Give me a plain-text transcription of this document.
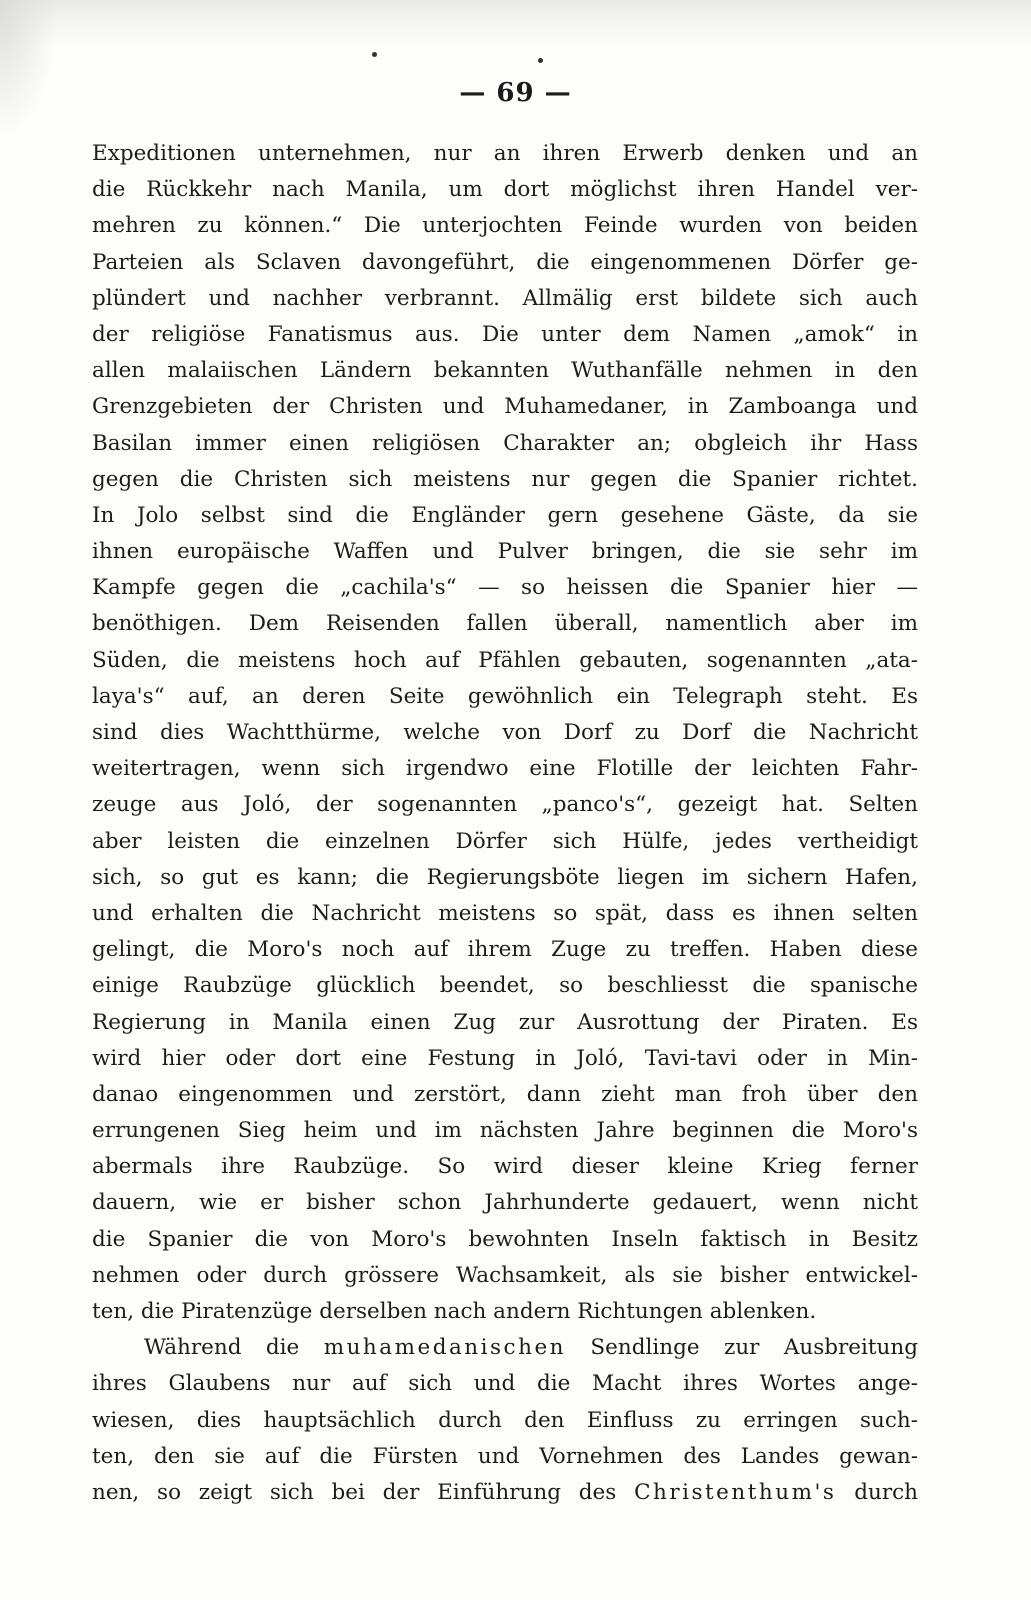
— 69 —
Expeditionen unternehmen, nur an ihren Erwerb denken und an
die Rückkehr nach Manila, um dort möglichst ihren Handel ver-
mehren zu können.“ Die unterjochten Feinde wurden von beiden
Parteien als Sclaven davongeführt, die eingenommenen Dörfer ge-
plündert und nachher verbrannt. Allmälig erst bildete sich auch
der religiöse Fanatismus aus. Die unter dem Namen „amok“ in
allen malaiischen Ländern bekannten Wuthanfälle nehmen in den
Grenzgebieten der Christen und Muhamedaner, in Zamboanga und
Basilan immer einen religiösen Charakter an; obgleich ihr Hass
gegen die Christen sich meistens nur gegen die Spanier richtet.
In Jolo selbst sind die Engländer gern gesehene Gäste, da sie
ihnen europäische Waffen und Pulver bringen, die sie sehr im
Kampfe gegen die „cachila's“ — so heissen die Spanier hier —
benöthigen. Dem Reisenden fallen überall, namentlich aber im
Süden, die meistens hoch auf Pfählen gebauten, sogenannten „ata-
laya's“ auf, an deren Seite gewöhnlich ein Telegraph steht. Es
sind dies Wachtthürme, welche von Dorf zu Dorf die Nachricht
weitertragen, wenn sich irgendwo eine Flotille der leichten Fahr-
zeuge aus Joló, der sogenannten „panco's“, gezeigt hat. Selten
aber leisten die einzelnen Dörfer sich Hülfe, jedes vertheidigt
sich, so gut es kann; die Regierungsböte liegen im sichern Hafen,
und erhalten die Nachricht meistens so spät, dass es ihnen selten
gelingt, die Moro's noch auf ihrem Zuge zu treffen. Haben diese
einige Raubzüge glücklich beendet, so beschliesst die spanische
Regierung in Manila einen Zug zur Ausrottung der Piraten. Es
wird hier oder dort eine Festung in Joló, Tavi-tavi oder in Min-
danao eingenommen und zerstört, dann zieht man froh über den
errungenen Sieg heim und im nächsten Jahre beginnen die Moro's
abermals ihre Raubzüge. So wird dieser kleine Krieg ferner
dauern, wie er bisher schon Jahrhunderte gedauert, wenn nicht
die Spanier die von Moro's bewohnten Inseln faktisch in Besitz
nehmen oder durch grössere Wachsamkeit, als sie bisher entwickel-
ten, die Piratenzüge derselben nach andern Richtungen ablenken.
Während die muhamedanischen Sendlinge zur Ausbreitung
ihres Glaubens nur auf sich und die Macht ihres Wortes ange-
wiesen, dies hauptsächlich durch den Einfluss zu erringen such-
ten, den sie auf die Fürsten und Vornehmen des Landes gewan-
nen, so zeigt sich bei der Einführung des Christenthum's durch
